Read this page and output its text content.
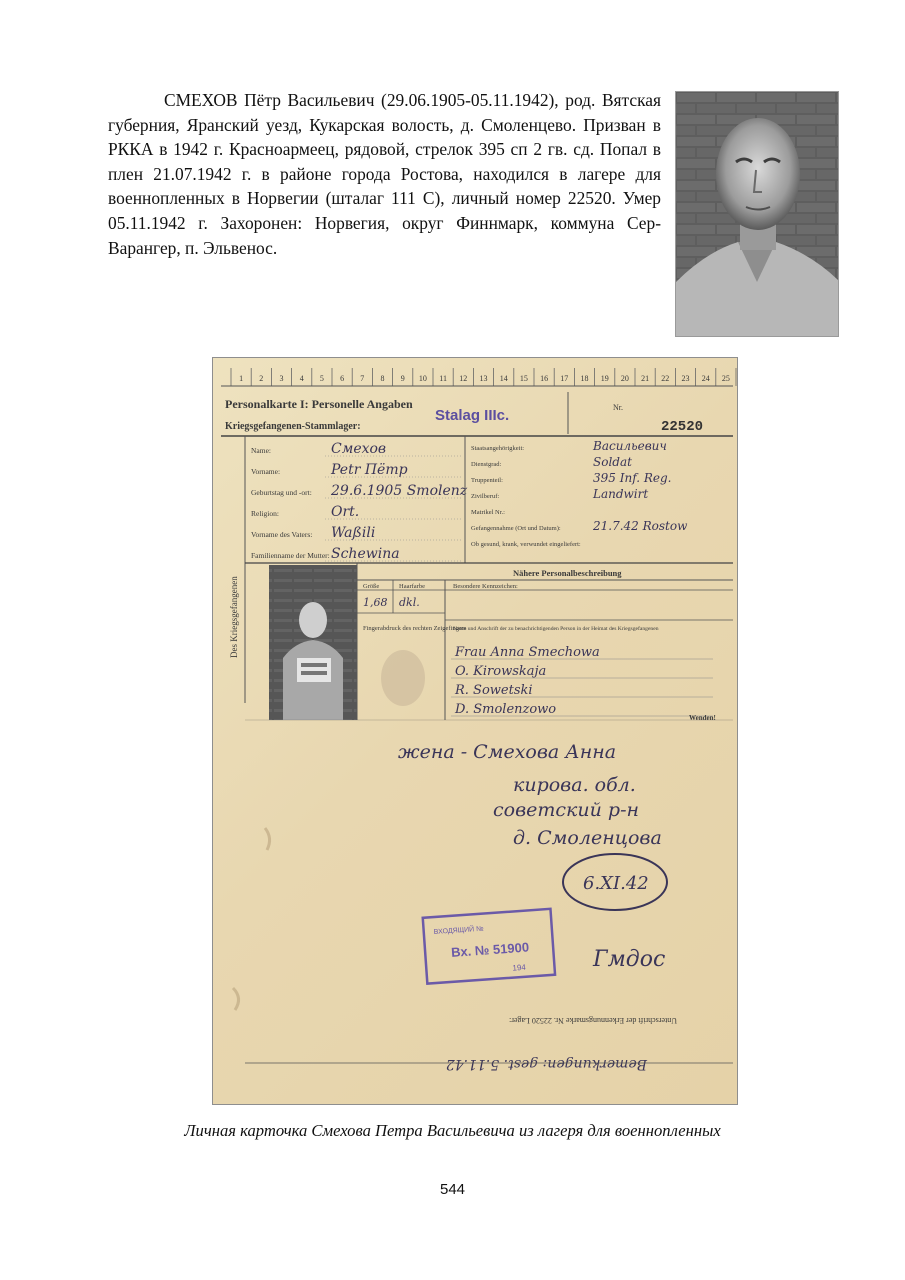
СМЕХОВ Пётр Васильевич (29.06.1905-05.11.1942), род. Вятская губерния, Яранский уезд, Кукарская волость, д. Смоленцево. Призван в РККА в 1942 г. Красноармеец, рядовой, стрелок 395 сп 2 гв. сд. Попал в плен 21.07.1942 г. в районе города Ростова, находился в лагере для военнопленных в Норвегии (шталаг 111 С), личный номер 22520. Умер 05.11.1942 г. Захоронен: Норвегия, округ Финнмарк, коммуна Сер-Варангер, п. Эльвенос.

1 2 3 4 5 6 7 8 9 10 11 12 13 14 15 16 17 18 19 20 21 22 23 24 25
Personalkarte I: Personelle Angaben
Kriegsgefangenen-Stammlager:
Stalag IIIc.	Nr.
22520
Des Kriegsgefangenen
Name:	Смехов
Vorname:	Petr Пётр
Geburtstag und -ort: 29.6.1905 Smolenz
Religion:	Ort.
Vorname des Vaters: Waßili
Familienname der Mutter: Schewina
Staatsangehörigkeit:	Васильевич
Dienstgrad:	Soldat
Truppenteil:	395 Inf. Reg.
Zivilberuf:	Landwirt
Matrikel Nr.:
Gefangennahme (Ort und Datum):	21.7.42 Rostow
Ob gesund, krank, verwundet eingeliefert:
Nähere Personalbeschreibung
Größe	Haarfarbe	Besondere Kennzeichen:
1,68 dkl.
Fingerabdruck des rechten Zeigefingers
Name und Anschrift der zu benachrichtigenden Person in der Heimat des Kriegsgefangenen
Frau Anna Smechowa
O. Kirowskaja
R. Sowetski
D. Smolenzowo
Wenden!
жена - Смехова Анна
кирова. обл.
советский р-н
д. Смоленцова
6.XI.42
ВХОДЯЩИЙ №
Вх. № 51900
194	Гмдос
Bemerkungen: gest. 5.11.42
Unterschrift der Erkennungsmarke Nr. 22520 Lager:
Личная карточка Смехова Петра Васильевича из лагеря для военнопленных
544
